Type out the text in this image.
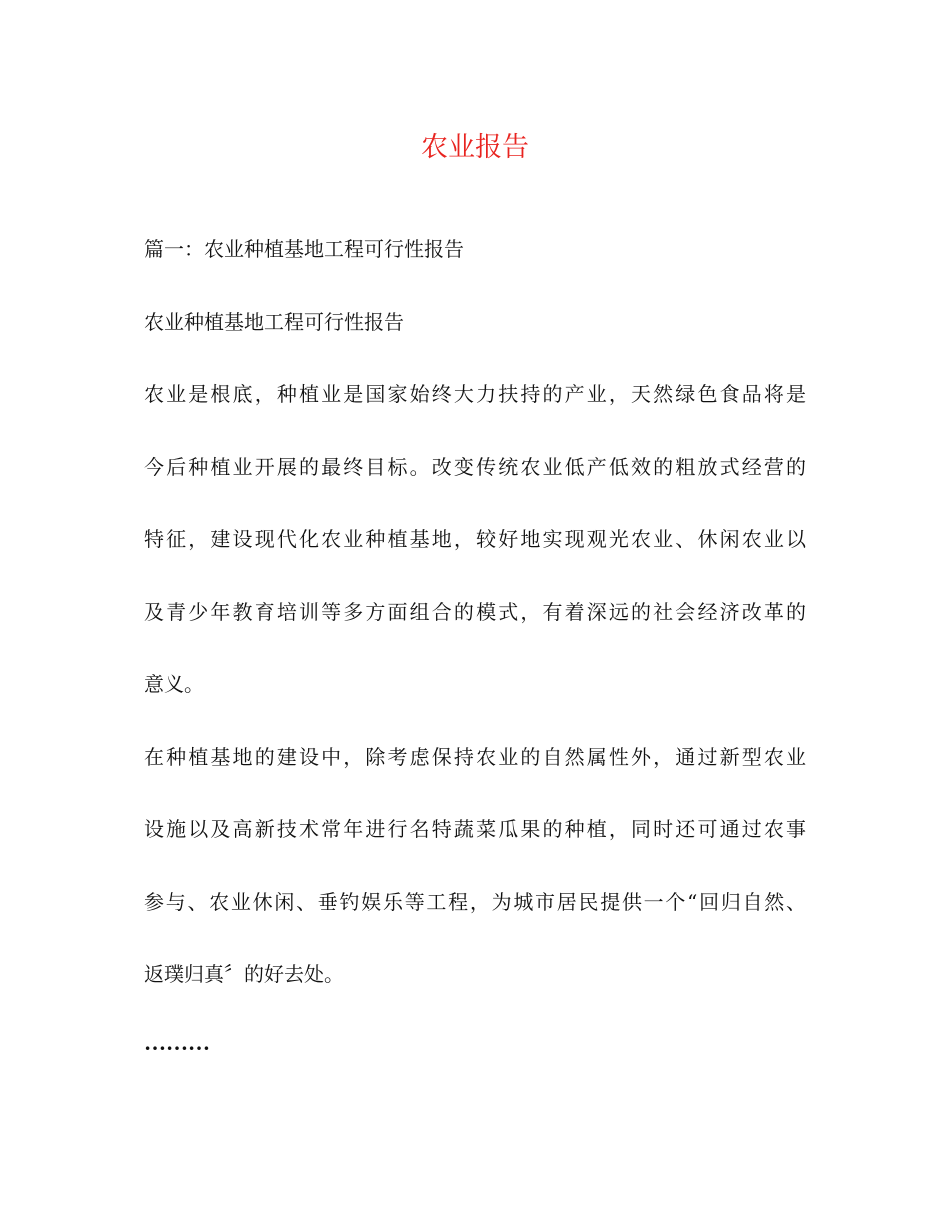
农业报告
篇一：农业种植基地工程可行性报告
农业种植基地工程可行性报告
农业是根底，种植业是国家始终大力扶持的产业，天然绿色食品将是
今后种植业开展的最终目标。改变传统农业低产低效的粗放式经营的
特征，建设现代化农业种植基地，较好地实现观光农业、休闲农业以
及青少年教育培训等多方面组合的模式，有着深远的社会经济改革的
意义。
在种植基地的建设中，除考虑保持农业的自然属性外，通过新型农业
设施以及高新技术常年进行名特蔬菜瓜果的种植，同时还可通过农事
参与、农业休闲、垂钓娱乐等工程，为城市居民提供一个“回归自然、
返璞归真〞的好去处。
………
